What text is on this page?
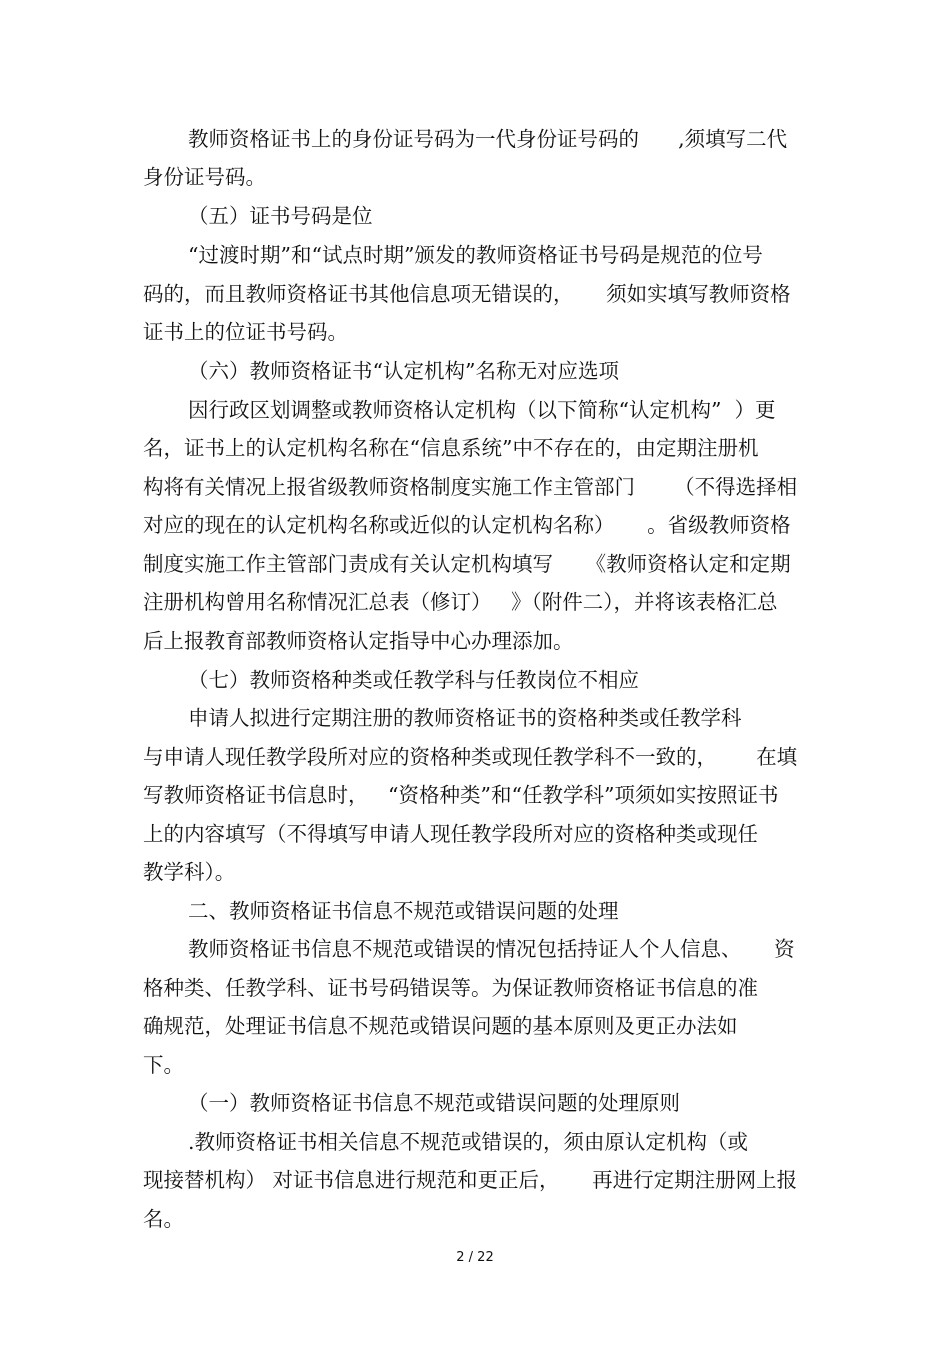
教师资格证书上的身份证号码为一代身份证号码的      ,须填写二代
身份证号码。
（五）证书号码是位
“过渡时期”和“试点时期”颁发的教师资格证书号码是规范的位号
码的，而且教师资格证书其他信息项无错误的，     须如实填写教师资格
证书上的位证书号码。
（六）教师资格证书“认定机构”名称无对应选项
因行政区划调整或教师资格认定机构（以下简称“认定机构”  ）更
名，证书上的认定机构名称在“信息系统”中不存在的，由定期注册机
构将有关情况上报省级教师资格制度实施工作主管部门      （不得选择相
对应的现在的认定机构名称或近似的认定机构名称）     。省级教师资格
制度实施工作主管部门责成有关认定机构填写     《教师资格认定和定期
注册机构曾用名称情况汇总表（修订）   》（附件二），并将该表格汇总
后上报教育部教师资格认定指导中心办理添加。
（七）教师资格种类或任教学科与任教岗位不相应
申请人拟进行定期注册的教师资格证书的资格种类或任教学科
与申请人现任教学段所对应的资格种类或现任教学科不一致的，      在填
写教师资格证书信息时，   “资格种类”和“任教学科”项须如实按照证书
上的内容填写（不得填写申请人现任教学段所对应的资格种类或现任
教学科）。
二、教师资格证书信息不规范或错误问题的处理
教师资格证书信息不规范或错误的情况包括持证人个人信息、     资
格种类、任教学科、证书号码错误等。为保证教师资格证书信息的准
确规范，处理证书信息不规范或错误问题的基本原则及更正办法如
下。
（一）教师资格证书信息不规范或错误问题的处理原则
.教师资格证书相关信息不规范或错误的，须由原认定机构（或
现接替机构） 对证书信息进行规范和更正后，     再进行定期注册网上报
名。
2 / 22
